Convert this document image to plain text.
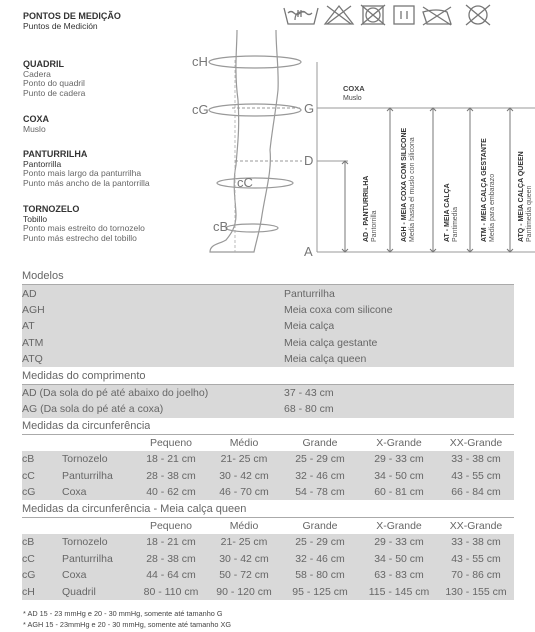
PONTOS DE MEDIÇÃO
Puntos de Medición
QUADRIL
Cadera
Ponto do quadril
Punto de cadera
COXA
Muslo
PANTURRILHA
Pantorrilla
Ponto mais largo da panturrilha
Punto más ancho de la pantorrilla
TORNOZELO
Tobillo
Ponto mais estreito do tornozelo
Punto más estrecho del tobillo
cH
cG
cC
cB
G
D
A
COXA
Muslo
AD - PANTURRILHA Pantorrilla	AGH - MEIA COXA COM SILICONE Media hasta el muslo con silicona	AT - MEIA CALÇA Pantimedia	ATM - MEIA CALÇA GESTANTE Media para embarazo	ATQ - MEIA CALÇA QUEEN Pantimedia queen
Modelos
AD	Panturrilha
AGH	Meia coxa com silicone
AT	Meia calça
ATM	Meia calça gestante
ATQ	Meia calça queen
Medidas do comprimento
AD (Da sola do pé até abaixo do joelho)	37 - 43 cm
AG (Da sola do pé até a coxa)	68 - 80 cm
Medidas da circunferência
Pequeno	Médio	Grande	X-Grande	XX-Grande
cB	Tornozelo	18 - 21 cm	21- 25 cm	25 - 29 cm	29 - 33 cm	33 - 38 cm
cC	Panturrilha	28 - 38 cm	30 - 42 cm	32 - 46 cm	34 - 50 cm	43 - 55 cm
cG	Coxa	40 - 62 cm	46 - 70 cm	54 - 78 cm	60 - 81 cm	66 - 84 cm
Medidas da circunferência - Meia calça queen
Pequeno	Médio	Grande	X-Grande	XX-Grande
cB	Tornozelo	18 - 21 cm	21- 25 cm	25 - 29 cm	29 - 33 cm	33 - 38 cm
cC	Panturrilha	28 - 38 cm	30 - 42 cm	32 - 46 cm	34 - 50 cm	43 - 55 cm
cG	Coxa	44 - 64 cm	50 - 72 cm	58 - 80 cm	63 - 83 cm	70 - 86 cm
cH	Quadril	80 - 110 cm	90 - 120 cm	95 - 125 cm	115 - 145 cm	130 - 155 cm
* AD 15 - 23 mmHg e 20 - 30 mmHg, somente até tamanho G
* AGH 15 - 23mmHg e 20 - 30 mmHg, somente até tamanho XG
